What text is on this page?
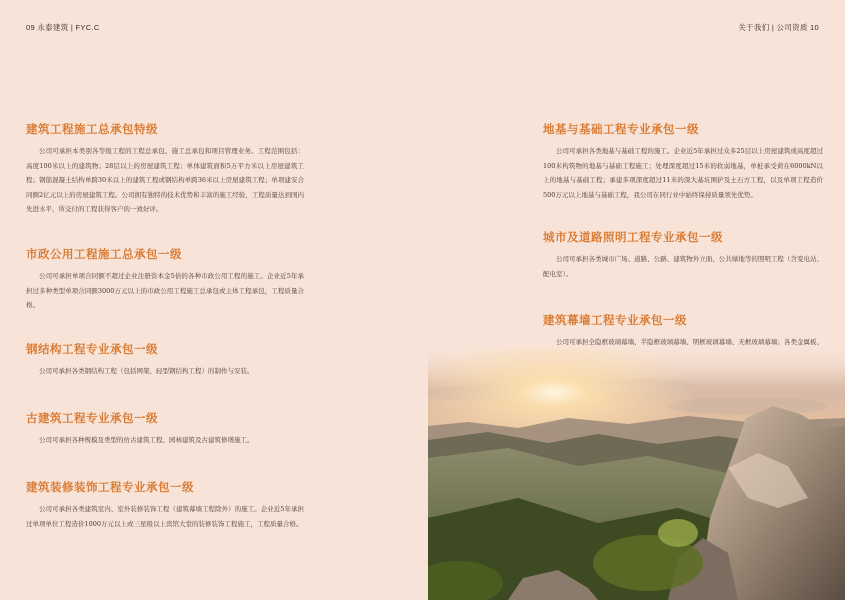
09 永泰建筑 | FYC.C	关于我们 | 公司资质 10
建筑工程施工总承包特级

公司可承担本类别各等级工程的工程总承包、施工总承包和项目管理业务。工程范围包括：高度100米以上的建筑物；28层以上的房屋建筑工程；单体建筑面积5万平方米以上房屋建筑工程；钢筋混凝土结构单跨30米以上的建筑工程或钢结构单跨36米以上房屋建筑工程；单项建安合同额2亿元以上的房屋建筑工程。公司拥有独特的技术优势和丰富的施工经验，工程质量达到国内先进水平，所交付的工程获得客户的一致好评。

市政公用工程施工总承包一级

公司可承担单项合同额不超过企业注册资本金5倍的各种市政公用工程的施工。企业近5年承担过多种类型单项合同额3000万元以上的市政公用工程施工总承包或主体工程承包，工程质量合格。

钢结构工程专业承包一级

公司可承担各类钢结构工程（包括网架、轻型钢结构工程）的制作与安装。

古建筑工程专业承包一级

公司可承担各种规模及类型的仿古建筑工程、园林建筑及古建筑修缮施工。

建筑装修装饰工程专业承包一级

公司可承担各类建筑室内、室外装修装饰工程（建筑幕墙工程除外）的施工。企业近5年承担过单项单位工程造价1000万元以上或三星级以上宾馆大堂的装修装饰工程施工，工程质量合格。

地基与基础工程专业承包一级

公司可承担各类地基与基础工程的施工。企业近5年承担过众多25层以上房屋建筑或高度超过100米构筑物的地基与基础工程施工；处理深度超过15米的软弱地基，单桩承受荷在6000kN以上的地基与基础工程；承建多项深度超过11米的深大基坑围护及土石方工程，以及单项工程造价500万元以上地基与基础工程，我公司在同行业中始终保持质量领先优势。

城市及道路照明工程专业承包一级

公司可承担各类城市广场、道路、公路、建筑物外立面、公共绿地等的照明工程（含变电站、配电室）。

建筑幕墙工程专业承包一级

公司可承担全隐框玻璃幕墙、半隐框玻璃幕墙、明框玻璃幕墙、无框玻璃幕墙；各类金属板、
